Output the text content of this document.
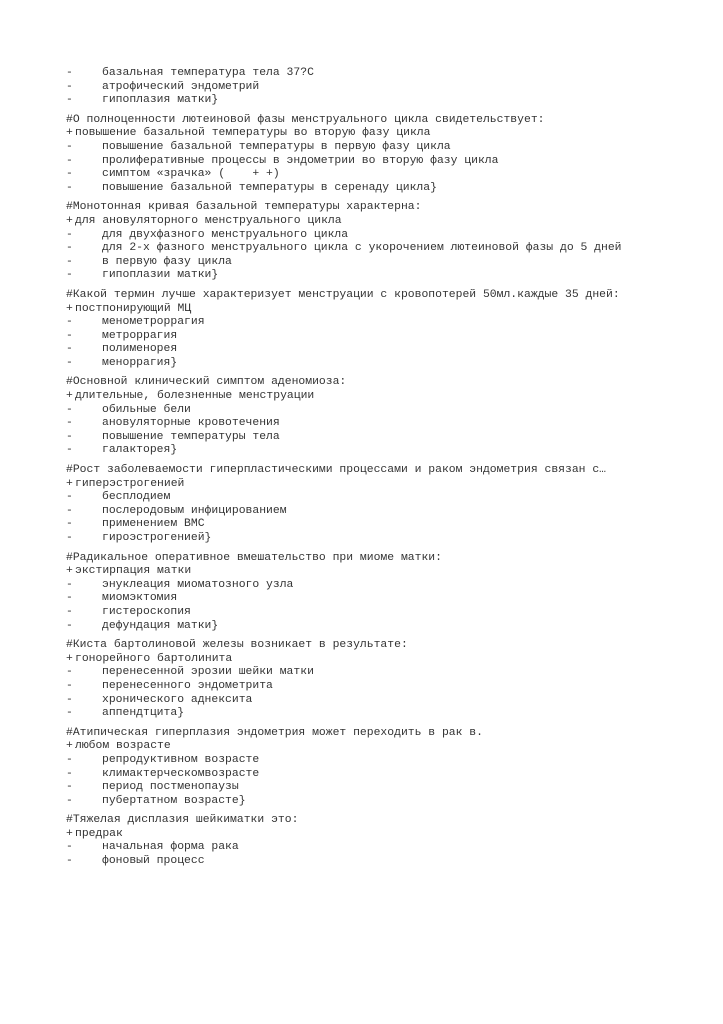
-	базальная температура тела 37?С
-	атрофический эндометрий
-	гипоплазия матки}
#О полноценности лютеиновой фазы менструального цикла свидетельствует:
+ повышение базальной температуры во вторую фазу цикла
-	повышение базальной температуры в первую фазу цикла
-	пролиферативные процессы в эндометрии во вторую фазу цикла
-	симптом «зрачка» (    + +)
-	повышение базальной температуры в серенаду цикла}
#Монотонная кривая базальной температуры характерна:
+ для ановуляторного менструального цикла
-	для двухфазного менструального цикла
-	для 2-х фазного менструального цикла с укорочением лютеиновой фазы до 5 дней
-	в первую фазу цикла
-	гипоплазии матки}
#Какой термин лучше характеризует менструации с кровопотерей 50мл.каждые 35 дней:
+ постпонирующий МЦ
-	менометроррагия
-	метроррагия
-	полименорея
-	меноррагия}
#Основной клинический симптом аденомиоза:
+ длительные, болезненные менструации
-	обильные бели
-	ановуляторные кровотечения
-	повышение температуры тела
-	галакторея}
#Рост заболеваемости гиперпластическими процессами и раком эндометрия связан с…
+ гиперэстрогенией
-	бесплодием
-	послеродовым инфицированием
-	применением ВМС
-	гироэстрогенией}
#Радикальное оперативное вмешательство при миоме матки:
+ экстирпация матки
-	энуклеация миоматозного узла
-	миомэктомия
-	гистероскопия
-	дефундация матки}
#Киста бартолиновой железы возникает в результате:
+ гонорейного бартолинита
-	перенесенной эрозии шейки матки
-	перенесенного эндометрита
-	хронического аднексита
-	аппендтцита}
#Атипическая гиперплазия эндометрия может переходить в рак в.
+ любом возрасте
-	репродуктивном возрасте
-	климактерческомвозрасте
-	период постменопаузы
-	пубертатном возрасте}
#Тяжелая дисплазия шейкиматки это:
+ предрак
-	начальная форма рака
-	фоновый процесс
